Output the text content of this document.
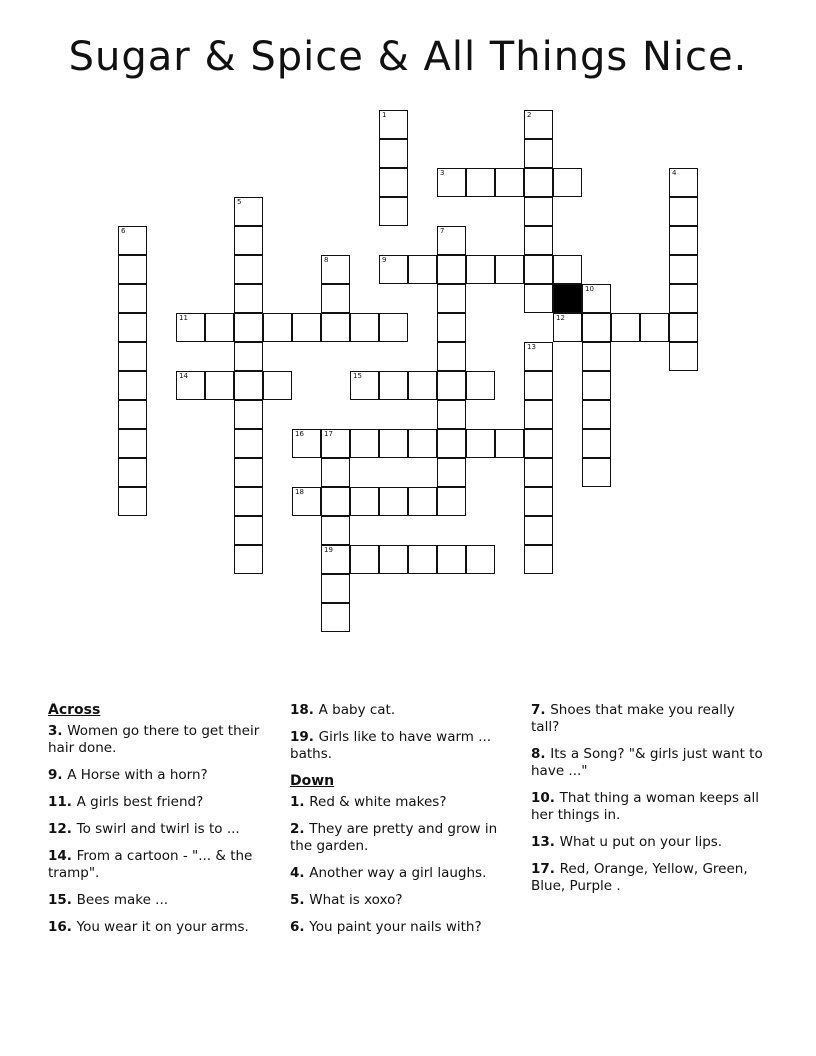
Sugar & Spice & All Things Nice.
1	2
3	4
5
6	7
8	9
10
11	12
13
14	15
16	17
19
18
Across
3. Women go there to get their hair done.
9. A Horse with a horn?
11. A girls best friend?
12. To swirl and twirl is to ...
14. From a cartoon - "... & the tramp".
15. Bees make ...
16. You wear it on your arms.
18. A baby cat.
19. Girls like to have warm ... baths.
Down
1. Red & white makes?
2. They are pretty and grow in the garden.
4. Another way a girl laughs.
5. What is xoxo?
6. You paint your nails with?
7. Shoes that make you really tall?
8. Its a Song? "& girls just want to have ..."
10. That thing a woman keeps all her things in.
13. What u put on your lips.
17. Red, Orange, Yellow, Green, Blue, Purple .
